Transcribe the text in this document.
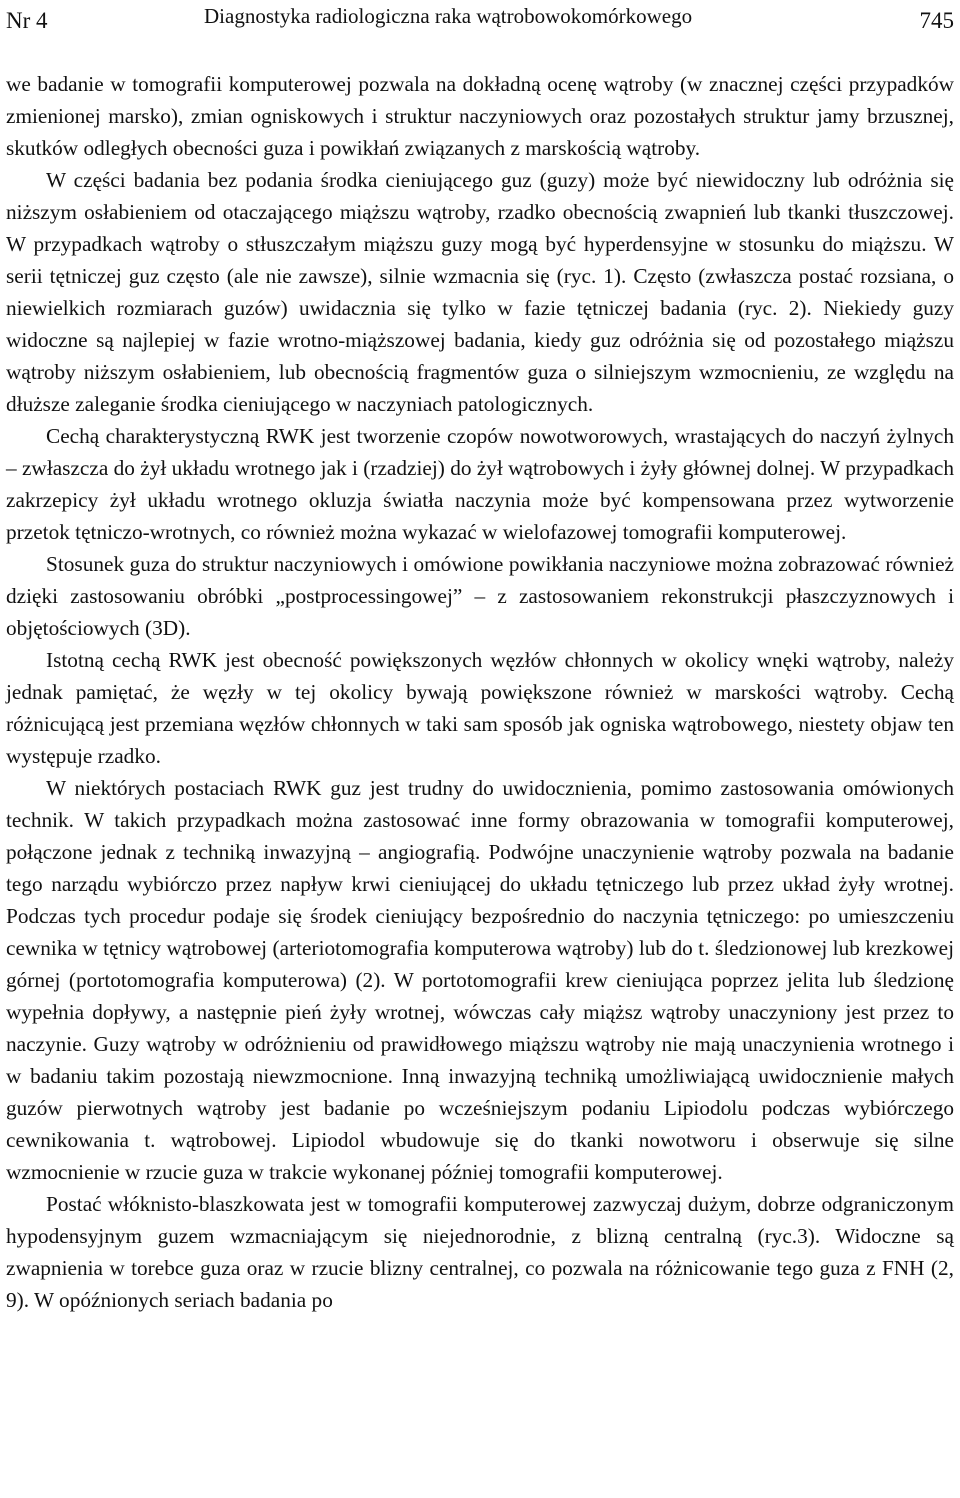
Nr 4	Diagnostyka radiologiczna raka wątrobowokomórkowego	745

we badanie w tomografii komputerowej pozwala na dokładną ocenę wątroby (w znacznej części przypadków zmienionej marsko), zmian ogniskowych i struktur naczyniowych oraz pozostałych struktur jamy brzusznej, skutków odległych obecności guza i powikłań związanych z marskością wątroby.

W części badania bez podania środka cieniującego guz (guzy) może być niewidoczny lub odróżnia się niższym osłabieniem od otaczającego miąższu wątroby, rzadko obecnością zwapnień lub tkanki tłuszczowej. W przypadkach wątroby o stłuszczałym miąższu guzy mogą być hyperdensyjne w stosunku do miąższu. W serii tętniczej guz często (ale nie zawsze), silnie wzmacnia się (ryc. 1). Często (zwłaszcza postać rozsiana, o niewielkich rozmiarach guzów) uwidacznia się tylko w fazie tętniczej badania (ryc. 2). Niekiedy guzy widoczne są najlepiej w fazie wrotno-miąższowej badania, kiedy guz odróżnia się od pozostałego miąższu wątroby niższym osłabieniem, lub obecnością fragmentów guza o silniejszym wzmocnieniu, ze względu na dłuższe zaleganie środka cieniującego w naczyniach patologicznych.

Cechą charakterystyczną RWK jest tworzenie czopów nowotworowych, wrastających do naczyń żylnych – zwłaszcza do żył układu wrotnego jak i (rzadziej) do żył wątrobowych i żyły głównej dolnej. W przypadkach zakrzepicy żył układu wrotnego okluzja światła naczynia może być kompensowana przez wytworzenie przetok tętniczo-wrotnych, co również można wykazać w wielofazowej tomografii komputerowej.

Stosunek guza do struktur naczyniowych i omówione powikłania naczyniowe można zobrazować również dzięki zastosowaniu obróbki „postprocessingowej” – z zastosowaniem rekonstrukcji płaszczyznowych i objętościowych (3D).

Istotną cechą RWK jest obecność powiększonych węzłów chłonnych w okolicy wnęki wątroby, należy jednak pamiętać, że węzły w tej okolicy bywają powiększone również w marskości wątroby. Cechą różnicującą jest przemiana węzłów chłonnych w taki sam sposób jak ogniska wątrobowego, niestety objaw ten występuje rzadko.

W niektórych postaciach RWK guz jest trudny do uwidocznienia, pomimo zastosowania omówionych technik. W takich przypadkach można zastosować inne formy obrazowania w tomografii komputerowej, połączone jednak z techniką inwazyjną – angiografią. Podwójne unaczynienie wątroby pozwala na badanie tego narządu wybiórczo przez napływ krwi cieniującej do układu tętniczego lub przez układ żyły wrotnej. Podczas tych procedur podaje się środek cieniujący bezpośrednio do naczynia tętniczego: po umieszczeniu cewnika w tętnicy wątrobowej (arteriotomografia komputerowa wątroby) lub do t. śledzionowej lub krezkowej górnej (portotomografia komputerowa) (2). W portotomografii krew cieniująca poprzez jelita lub śledzionę wypełnia dopływy, a następnie pień żyły wrotnej, wówczas cały miąższ wątroby unaczyniony jest przez to naczynie. Guzy wątroby w odróżnieniu od prawidłowego miąższu wątroby nie mają unaczynienia wrotnego i w badaniu takim pozostają niewzmocnione. Inną inwazyjną techniką umożliwiającą uwidocznienie małych guzów pierwotnych wątroby jest badanie po wcześniejszym podaniu Lipiodolu podczas wybiórczego cewnikowania t. wątrobowej. Lipiodol wbudowuje się do tkanki nowotworu i obserwuje się silne wzmocnienie w rzucie guza w trakcie wykonanej później tomografii komputerowej.

Postać włóknisto-blaszkowata jest w tomografii komputerowej zazwyczaj dużym, dobrze odgraniczonym hypodensyjnym guzem wzmacniającym się niejednorodnie, z blizną centralną (ryc.3). Widoczne są zwapnienia w torebce guza oraz w rzucie blizny centralnej, co pozwala na różnicowanie tego guza z FNH (2, 9). W opóźnionych seriach badania po
